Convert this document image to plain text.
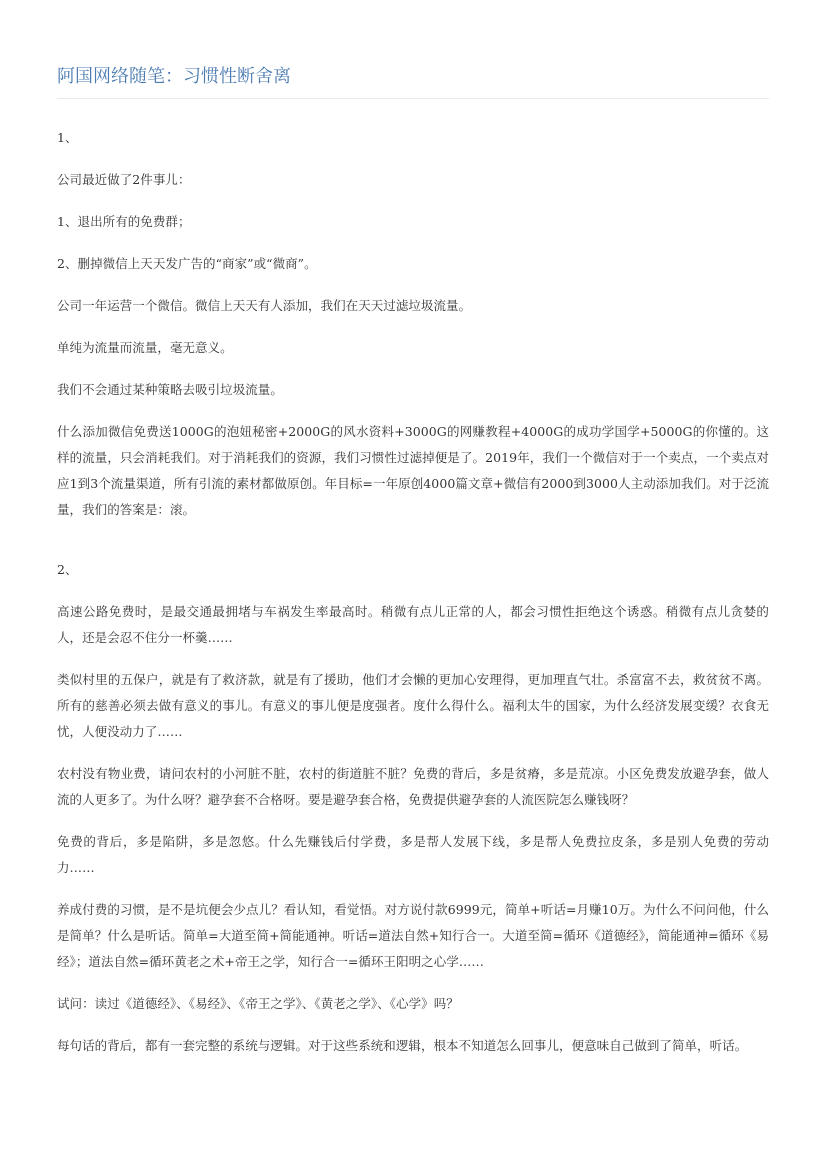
阿国网络随笔：习惯性断舍离

1、

公司最近做了2件事儿：

1、退出所有的免费群；

2、删掉微信上天天发广告的“商家”或“微商”。

公司一年运营一个微信。微信上天天有人添加，我们在天天过滤垃圾流量。

单纯为流量而流量，毫无意义。

我们不会通过某种策略去吸引垃圾流量。

什么添加微信免费送1000G的泡妞秘密+2000G的风水资料+3000G的网赚教程+4000G的成功学国学+5000G的你懂的。这样的流量，只会消耗我们。对于消耗我们的资源，我们习惯性过滤掉便是了。2019年，我们一个微信对于一个卖点，一个卖点对应1到3个流量渠道，所有引流的素材都做原创。年目标=一年原创4000篇文章+微信有2000到3000人主动添加我们。对于泛流量，我们的答案是：滚。

2、

高速公路免费时，是最交通最拥堵与车祸发生率最高时。稍微有点儿正常的人，都会习惯性拒绝这个诱惑。稍微有点儿贪婪的人，还是会忍不住分一杯羹……

类似村里的五保户，就是有了救济款，就是有了援助，他们才会懒的更加心安理得，更加理直气壮。杀富富不去，救贫贫不离。所有的慈善必须去做有意义的事儿。有意义的事儿便是度强者。度什么得什么。福利太牛的国家，为什么经济发展变缓？衣食无忧，人便没动力了……

农村没有物业费，请问农村的小河脏不脏，农村的街道脏不脏？免费的背后，多是贫瘠，多是荒凉。小区免费发放避孕套，做人流的人更多了。为什么呀？避孕套不合格呀。要是避孕套合格，免费提供避孕套的人流医院怎么赚钱呀？

免费的背后，多是陷阱，多是忽悠。什么先赚钱后付学费，多是帮人发展下线，多是帮人免费拉皮条，多是别人免费的劳动力……

养成付费的习惯，是不是坑便会少点儿？看认知，看觉悟。对方说付款6999元，简单+听话=月赚10万。为什么不问问他，什么是简单？什么是听话。简单=大道至简+简能通神。听话=道法自然+知行合一。大道至简=循环《道德经》，简能通神=循环《易经》；道法自然=循环黄老之术+帝王之学，知行合一=循环王阳明之心学……

试问：读过《道德经》、《易经》、《帝王之学》、《黄老之学》、《心学》吗？

每句话的背后，都有一套完整的系统与逻辑。对于这些系统和逻辑，根本不知道怎么回事儿，便意味自己做到了简单，听话。
